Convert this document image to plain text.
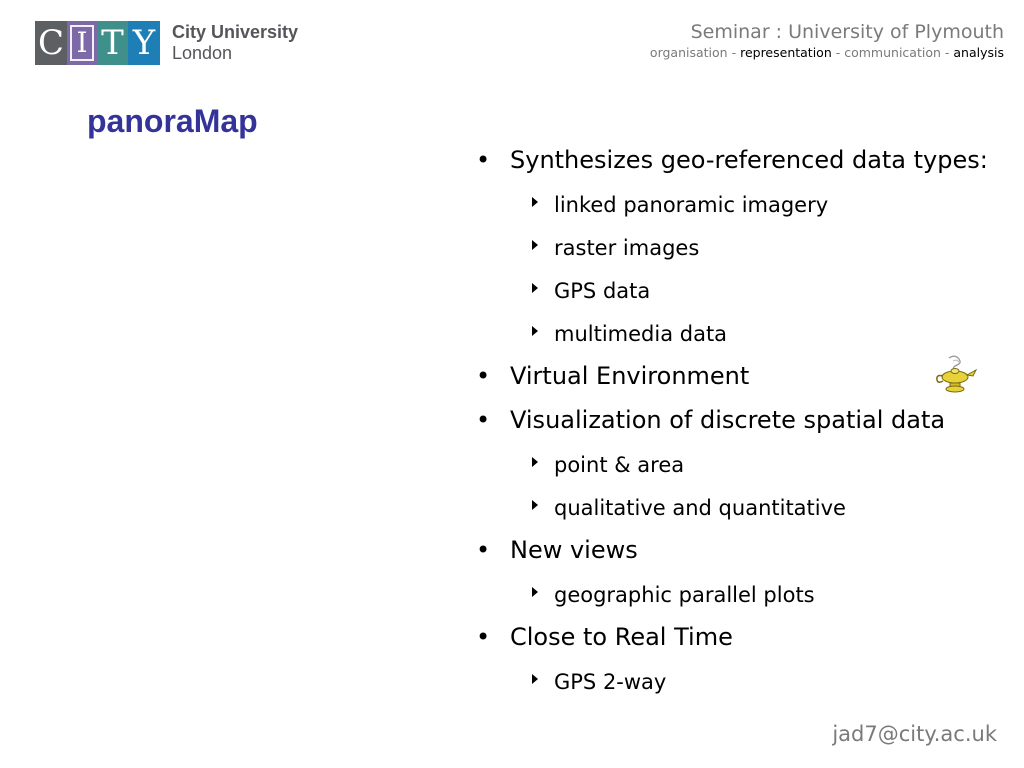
C I T Y City University
London
Seminar : University of Plymouth
organisation - representation - communication - analysis
panoraMap
• Synthesizes geo-referenced data types:
linked panoramic imagery
raster images
GPS data
multimedia data
• Virtual Environment
• Visualization of discrete spatial data
point & area
qualitative and quantitative
• New views
geographic parallel plots
• Close to Real Time
GPS 2-way
jad7@city.ac.uk
